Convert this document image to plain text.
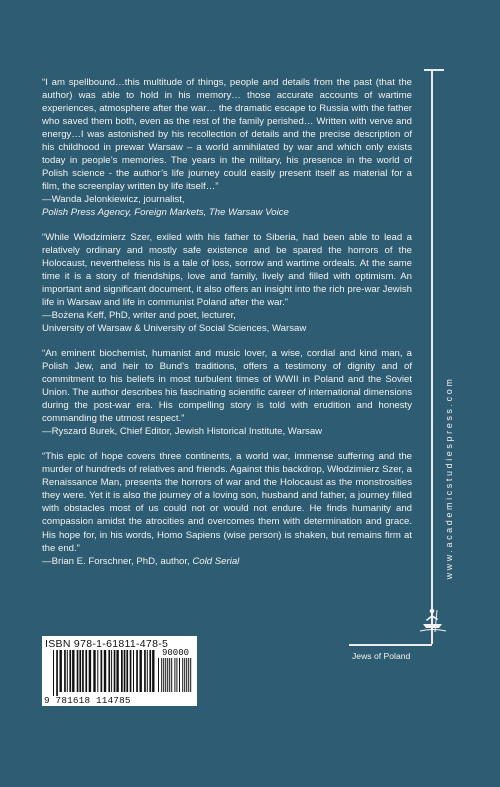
“I am spellbound…this multitude of things, people and details from the past (that the author) was able to hold in his memory… those accurate accounts of wartime experiences, atmosphere after the war… the dramatic escape to Russia with the father who saved them both, even as the rest of the family perished… Written with verve and energy…I was astonished by his recollection of details and the precise description of his childhood in prewar Warsaw – a world annihilated by war and which only exists today in people’s memories. The years in the military, his presence in the world of Polish science - the author’s life journey could easily present itself as material for a film, the screenplay written by life itself…”

—Wanda Jelonkiewicz, journalist,
Polish Press Agency, Foreign Markets, The Warsaw Voice

“While Włodzimierz Szer, exiled with his father to Siberia, had been able to lead a relatively ordinary and mostly safe existence and be spared the horrors of the Holocaust, nevertheless his is a tale of loss, sorrow and wartime ordeals. At the same time it is a story of friendships, love and family, lively and filled with optimism. An important and significant document, it also offers an insight into the rich pre-war Jewish life in Warsaw and life in communist Poland after the war.”

—Bożena Keff, PhD, writer and poet, lecturer,
University of Warsaw & University of Social Sciences, Warsaw

“An eminent biochemist, humanist and music lover, a wise, cordial and kind man, a Polish Jew, and heir to Bund’s traditions, offers a testimony of dignity and of commitment to his beliefs in most turbulent times of WWII in Poland and the Soviet Union. The author describes his fascinating scientific career of international dimensions during the post-war era. His compelling story is told with erudition and honesty commanding the utmost respect.”

—Ryszard Burek, Chief Editor, Jewish Historical Institute, Warsaw

“This epic of hope covers three continents, a world war, immense suffering and the murder of hundreds of relatives and friends. Against this backdrop, Włodzimierz Szer, a Renaissance Man, presents the horrors of war and the Holocaust as the monstrosities they were. Yet it is also the journey of a loving son, husband and father, a journey filled with obstacles most of us could not or would not endure. He finds humanity and compassion amidst the atrocities and overcomes them with determination and grace. His hope for, in his words, Homo Sapiens (wise person) is shaken, but remains firm at the end.”

—Brian E. Forschner, PhD, author, Cold Serial	www.academicstudiespress.com
Jews of Poland
ISBN 978-1-61811-478-5
90000
9 781618 114785
